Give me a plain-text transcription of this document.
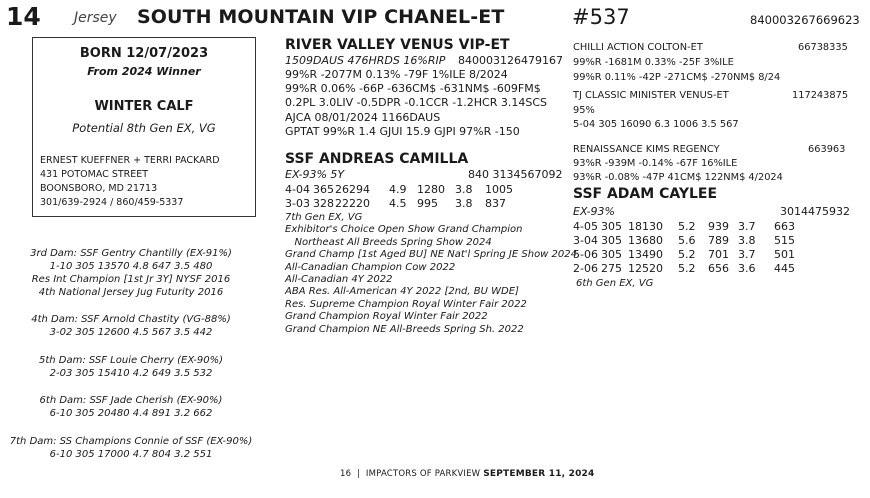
14 Jersey SOUTH MOUNTAIN VIP CHANEL-ET	#537	840003267669623
BORN 12/07/2023
From 2024 Winner
WINTER CALF
Potential 8th Gen EX, VG
ERNEST KUEFFNER + TERRI PACKARD
431 POTOMAC STREET
BOONSBORO, MD 21713
301/639-2924 / 860/459-5337
3rd Dam: SSF Gentry Chantilly (EX-91%)
1-10 305 13570 4.8 647 3.5 480
Res Int Champion [1st Jr 3Y] NYSF 2016
4th National Jersey Jug Futurity 2016
4th Dam: SSF Arnold Chastity (VG-88%)
3-02 305 12600 4.5 567 3.5 442
5th Dam: SSF Louie Cherry (EX-90%)
2-03 305 15410 4.2 649 3.5 532
6th Dam: SSF Jade Cherish (EX-90%)
6-10 305 20480 4.4 891 3.2 662
7th Dam: SS Champions Connie of SSF (EX-90%)
6-10 305 17000 4.7 804 3.2 551
RIVER VALLEY VENUS VIP-ET
1509DAUS 476HRDS 16%RIP 840003126479167
99%R -2077M 0.13% -79F 1%ILE 8/2024
99%R 0.06% -66P -636CM$ -631NM$ -609FM$
0.2PL 3.0LIV -0.5DPR -0.1CCR -1.2HCR 3.14SCS
AJCA 08/01/2024 1166DAUS
GPTAT 99%R 1.4 GJUI 15.9 GJPI 97%R -150
SSF ANDREAS CAMILLA
EX-93% 5Y	840 3134567092
4-04	365	26294	4.9	1280	3.8	1005
3-03	328	22220	4.5	995	3.8	837
7th Gen EX, VG
Exhibitor's Choice Open Show Grand Champion
Northeast All Breeds Spring Show 2024
Grand Champ [1st Aged BU] NE Nat'l Spring JE Show 2024
All-Canadian Champion Cow 2022
All-Canadian 4Y 2022
ABA Res. All-American 4Y 2022 [2nd, BU WDE]
Res. Supreme Champion Royal Winter Fair 2022
Grand Champion Royal Winter Fair 2022
Grand Champion NE All-Breeds Spring Sh. 2022
CHILLI ACTION COLTON-ET	66738335
99%R -1681M 0.33% -25F 3%ILE
99%R 0.11% -42P -271CM$ -270NM$ 8/24
TJ CLASSIC MINISTER VENUS-ET	117243875
95%
5-04 305 16090 6.3 1006 3.5 567
RENAISSANCE KIMS REGENCY	663963
93%R -939M -0.14% -67F 16%ILE
93%R -0.08% -47P 41CM$ 122NM$ 4/2024
SSF ADAM CAYLEE
EX-93%	3014475932
4-05	305	18130	5.2	939	3.7	663
3-04	305	13680	5.6	789	3.8	515
5-06	305	13490	5.2	701	3.7	501
2-06	275	12520	5.2	656	3.6	445
6th Gen EX, VG
16 | IMPACTORS OF PARKVIEW SEPTEMBER 11, 2024
